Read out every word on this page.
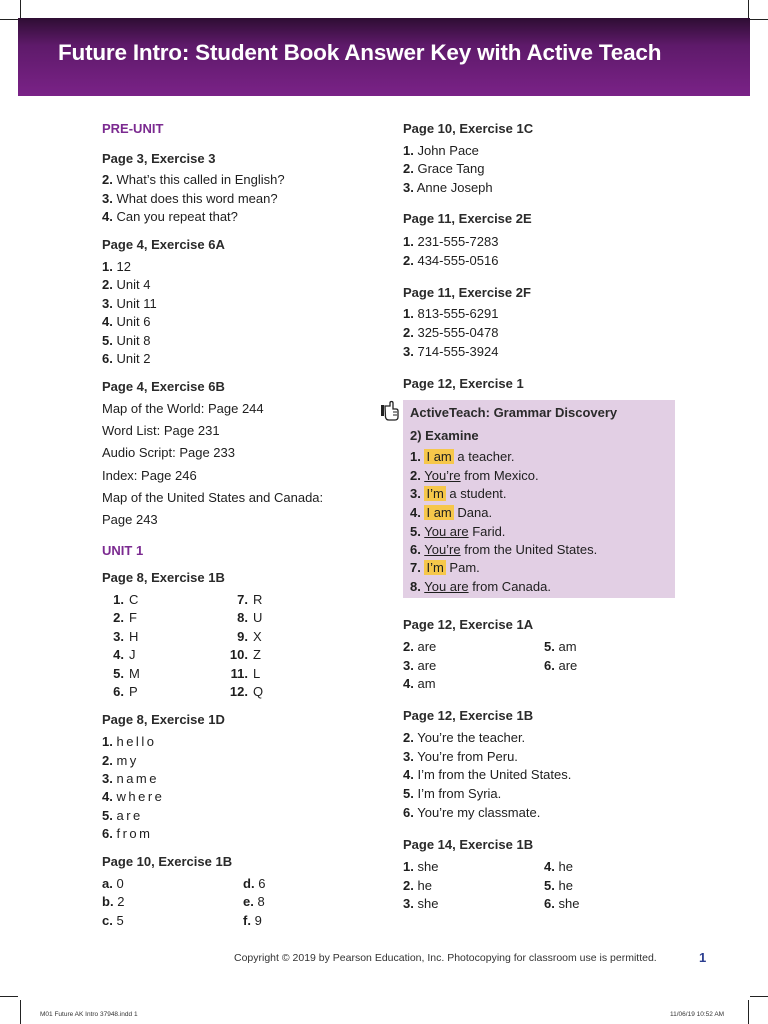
Future Intro: Student Book Answer Key with Active Teach
PRE-UNIT
Page 3, Exercise 3
2. What’s this called in English?
3. What does this word mean?
4. Can you repeat that?
Page 4, Exercise 6A
1. 12
2. Unit 4
3. Unit 11
4. Unit 6
5. Unit 8
6. Unit 2
Page 4, Exercise 6B
Map of the World: Page 244
Word List: Page 231
Audio Script: Page 233
Index: Page 246
Map of the United States and Canada:
Page 243
UNIT 1
Page 8, Exercise 1B
1. C
2. F
3. H
4. J
5. M
6. P
7. R
8. U
9. X
10. Z
11. L
12. Q
Page 8, Exercise 1D
1. hello
2. my
3. name
4. where
5. are
6. from
Page 10, Exercise 1B
a. 0
b. 2
c. 5
d. 6
e. 8
f. 9
Page 10, Exercise 1C
1. John Pace
2. Grace Tang
3. Anne Joseph
Page 11, Exercise 2E
1. 231-555-7283
2. 434-555-0516
Page 11, Exercise 2F
1. 813-555-6291
2. 325-555-0478
3. 714-555-3924
Page 12, Exercise 1
ActiveTeach: Grammar Discovery
2) Examine
1. I am a teacher.
2. You’re from Mexico.
3. I’m a student.
4. I am Dana.
5. You are Farid.
6. You’re from the United States.
7. I’m Pam.
8. You are from Canada.
Page 12, Exercise 1A
2. are
3. are
4. am
5. am
6. are
Page 12, Exercise 1B
2. You’re the teacher.
3. You’re from Peru.
4. I’m from the United States.
5. I’m from Syria.
6. You’re my classmate.
Page 14, Exercise 1B
1. she
2. he
3. she
4. he
5. he
6. she
Copyright © 2019 by Pearson Education, Inc. Photocopying for classroom use is permitted.	1
M01 Future AK Intro 37948.indd 1	11/06/19 10:52 AM
